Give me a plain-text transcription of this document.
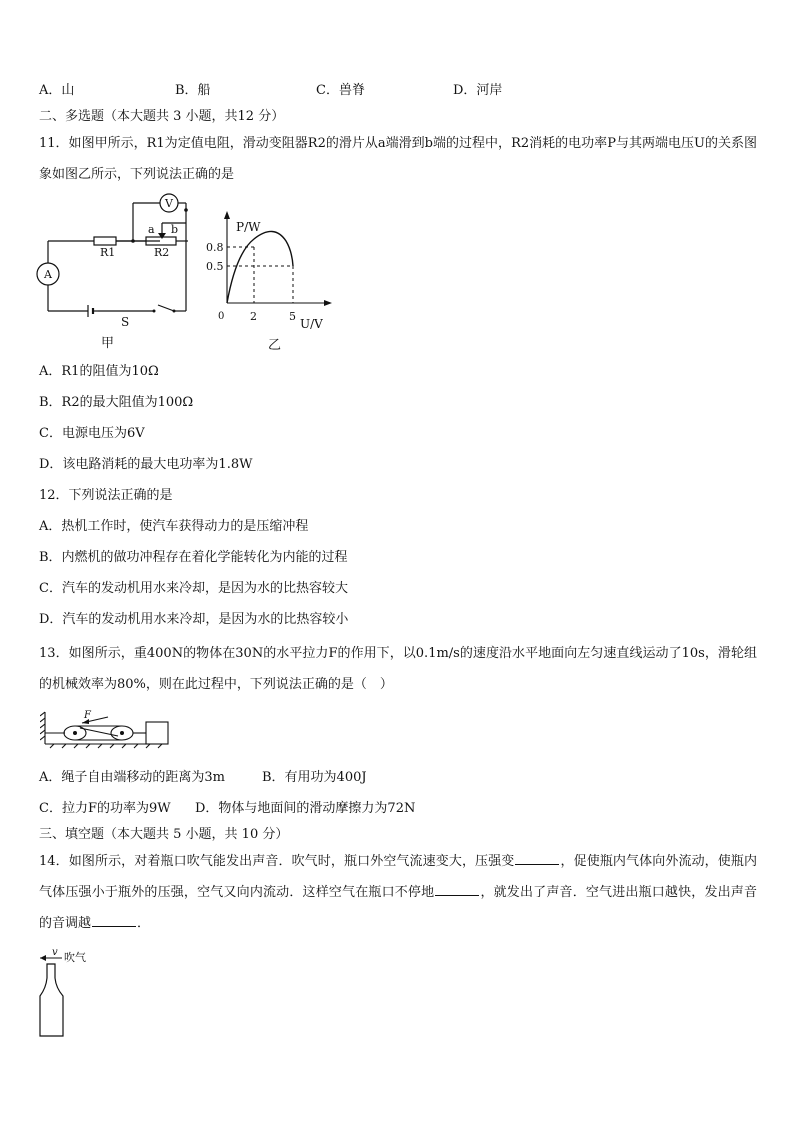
A．山	B．船	C．兽脊	D．河岸
二、多选题（本大题共 3 小题，共12 分）
11．如图甲所示，R1为定值电阻，滑动变阻器R2的滑片从a端滑到b端的过程中，R2消耗的电功率P与其两端电压U的关系图象如图乙所示，下列说法正确的是
V
A
R1	R2
a b
S
甲
P/W
U/V
0
0.8
0.5
2	5
乙
A．R1的阻值为10Ω
B．R2的最大阻值为100Ω
C．电源电压为6V
D．该电路消耗的最大电功率为1.8W
12．下列说法正确的是
A．热机工作时，使汽车获得动力的是压缩冲程
B．内燃机的做功冲程存在着化学能转化为内能的过程
C．汽车的发动机用水来冷却，是因为水的比热容较大
D．汽车的发动机用水来冷却，是因为水的比热容较小
13．如图所示，重400N的物体在30N的水平拉力F的作用下，以0.1m/s的速度沿水平地面向左匀速直线运动了10s，滑轮组的机械效率为80%，则在此过程中，下列说法正确的是（　）
F
A．绳子自由端移动的距离为3m	B．有用功为400J
C．拉力F的功率为9W D．物体与地面间的滑动摩擦力为72N
三、填空题（本大题共 5 小题，共 10 分）
14．如图所示，对着瓶口吹气能发出声音．吹气时，瓶口外空气流速变大，压强变	，促使瓶内气体向外流动，使瓶内气体压强小于瓶外的压强，空气又向内流动．这样空气在瓶口不停地	，就发出了声音．空气进出瓶口越快，发出声音的音调越	．
v 吹气
